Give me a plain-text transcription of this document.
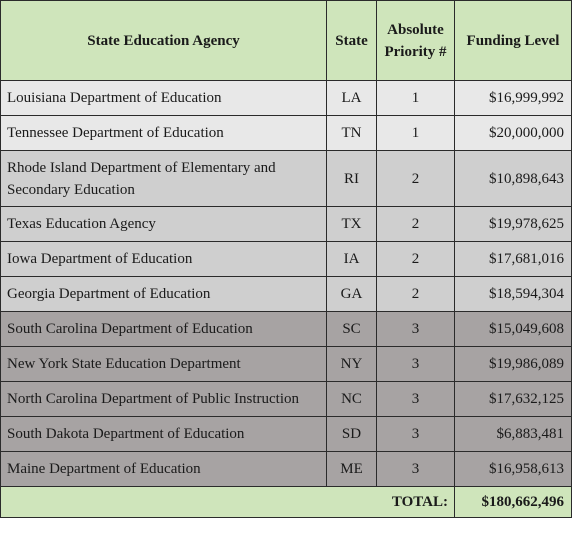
State Education Agency	State	Absolute Priority #	Funding Level
Louisiana Department of Education	LA	1	$16,999,992
Tennessee Department of Education	TN	1	$20,000,000
Rhode Island Department of Elementary and Secondary Education	RI	2	$10,898,643
Texas Education Agency	TX	2	$19,978,625
Iowa Department of Education	IA	2	$17,681,016
Georgia Department of Education	GA	2	$18,594,304
South Carolina Department of Education	SC	3	$15,049,608
New York State Education Department	NY	3	$19,986,089
North Carolina Department of Public Instruction	NC	3	$17,632,125
South Dakota Department of Education	SD	3	$6,883,481
Maine Department of Education	ME	3	$16,958,613
TOTAL:			$180,662,496
